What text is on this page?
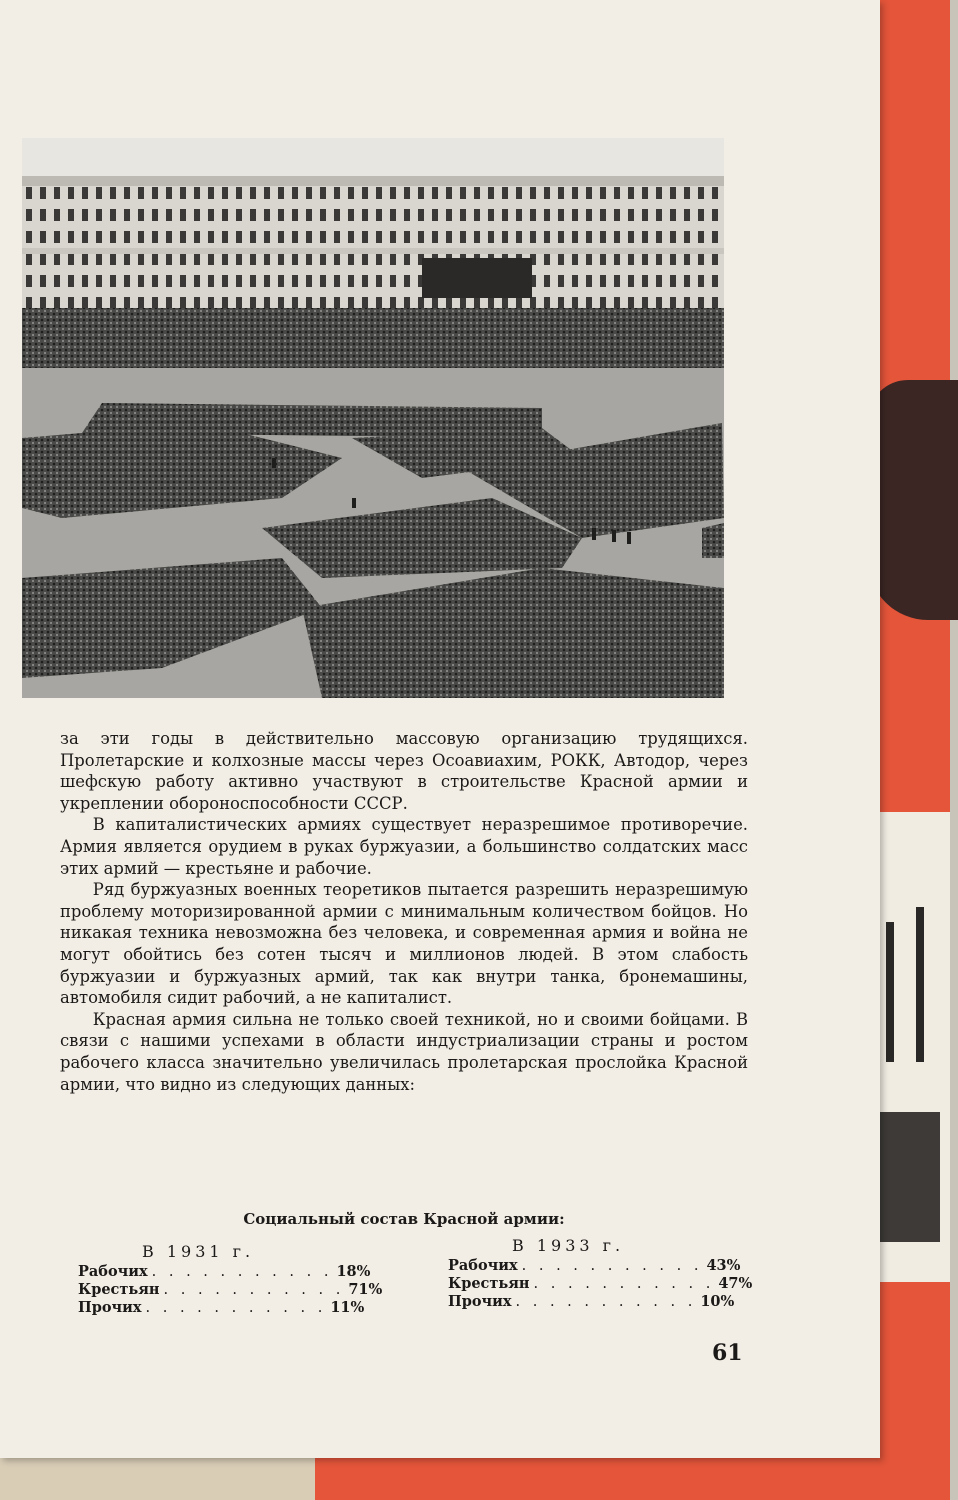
за эти годы в действительно массовую организацию трудящихся. Пролетарские и колхозные массы через Осоавиахим, РОКК, Автодор, через шефскую работу активно участвуют в строительстве Красной армии и укреплении обороноспособности СССР.

В капиталистических армиях существует неразрешимое противоречие. Армия является орудием в руках буржуазии, а большинство солдатских масс этих армий — крестьяне и рабочие.

Ряд буржуазных военных теоретиков пытается разрешить неразрешимую проблему моторизированной армии с минимальным количеством бойцов. Но никакая техника невозможна без человека, и современная армия и война не могут обойтись без сотен тысяч и миллионов людей. В этом слабость буржуазии и буржуазных армий, так как внутри танка, бронемашины, автомобиля сидит рабочий, а не капиталист.

Красная армия сильна не только своей техникой, но и своими бойцами. В связи с нашими успехами в области индустриализации страны и ростом рабочего класса значительно увеличилась пролетарская прослойка Красной армии, что видно из следующих данных:

Социальный состав Красной армии:
В 1931 г.
Рабочих . . . . . . . . . . . 18%
Крестьян . . . . . . . . . . . 71%
Прочих . . . . . . . . . . . 11%
В 1933 г.
Рабочих . . . . . . . . . . . 43%
Крестьян . . . . . . . . . . . 47%
Прочих . . . . . . . . . . . 10%
61
